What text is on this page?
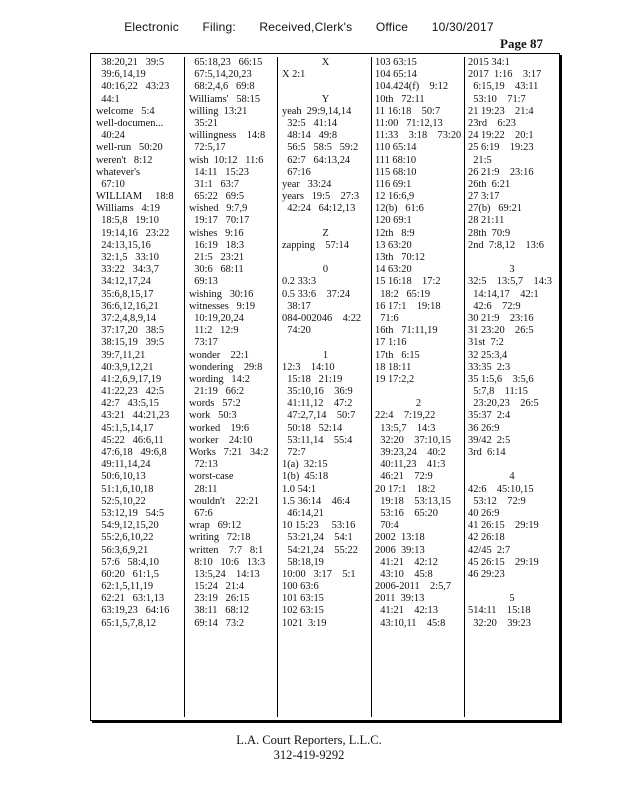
Electronic Filing: Received,Clerk's Office 10/30/2017
Page 87
38:20,21   39:5
39:6,14,19
40:16,22   43:23
44:1
welcome   5:4
well-documen...
40:24
well-run   50:20
weren't   8:12
whatever's
67:10
WILLIAM     18:8
Williams   4:19
18:5,8   19:10
19:14,16   23:22
24:13,15,16
32:1,5   33:10
33:22   34:3,7
34:12,17,24
35:6,8,15,17
36:6,12,16,21
37:2,4,8,9,14
37:17,20   38:5
38:15,19   39:5
39:7,11,21
40:3,9,12,21
41:2,6,9,17,19
41:22,23   42:5
42:7   43:5,15
43:21   44:21,23
45:1,5,14,17
45:22   46:6,11
47:6,18   49:6,8
49:11,14,24
50:6,10,13
51:1,6,10,18
52:5,10,22
53:12,19   54:5
54:9,12,15,20
55:2,6,10,22
56:3,6,9,21
57:6   58:4,10
60:20   61:1,5
62:1,5,11,19
62:21   63:1,13
63:19,23   64:16
65:1,5,7,8,12
65:18,23   66:15
67:5,14,20,23
68:2,4,6   69:8
Williams'   58:15
willing  13:21
35:21
willingness    14:8
72:5,17
wish  10:12   11:6
14:11   15:23
31:1   63:7
65:22   69:5
wished   9:7,9
19:17   70:17
wishes   9:16
16:19   18:3
21:5   23:21
30:6   68:11
69:13
wishing   30:16
witnesses   9:19
10:19,20,24
11:2   12:9
73:17
wonder    22:1
wondering    29:8
wording   14:2
21:19   66:2
words   57:2
work   50:3
worked    19:6
worker    24:10
Works   7:21   34:2
72:13
worst-case
28:11
wouldn't    22:21
67:6
wrap   69:12
writing   72:18
written    7:7   8:1
8:10   10:6   13:3
13:5,24    14:13
15:24   21:4
23:19   26:15
38:11   68:12
69:14   73:2
X
X 2:1
Y
yeah  29:9,14,14
32:5   41:14
48:14   49:8
56:5   58:5   59:2
62:7   64:13,24
67:16
year   33:24
years   19:5    27:3
42:24   64:12,13
Z
zapping    57:14
0
0.2 33:3
0.5 33:6    37:24
38:17
084-002046    4:22
74:20
1
12:3    14:10
15:18   21:19
35:10,16    36:9
41:11,12    47:2
47:2,7,14    50:7
50:18   52:14
53:11,14    55:4
72:7
1(a)  32:15
1(b)  45:18
1.0 54:1
1.5 36:14    46:4
46:14,21
10 15:23     53:16
53:21,24    54:1
54:21,24    55:22
58:18,19
10:00   3:17    5:1
100 63:6
101 63:15
102 63:15
1021  3:19
103 63:15
104 65:14
104.424(f)    9:12
10th   72:11
11 16:18    50:7
11:00   71:12,13
11:33    3:18    73:20
110 65:14
111 68:10
115 68:10
116 69:1
12 16:6,9
12(b)   61:6
120 69:1
12th   8:9
13 63:20
13th   70:12
14 63:20
15 16:18    17:2
18:2   65:19
16 17:1    19:18
71:6
16th   71:11,19
17 1:16
17th   6:15
18 18:11
19 17:2,2
2
22:4    7:19,22
13:5,7    14:3
32:20    37:10,15
39:23,24    40:2
40:11,23    41:3
46:21    72:9
20 17:1    18:2
19:18    53:13,15
53:16    65:20
70:4
2002  13:18
2006  39:13
41:21    42:12
43:10    45:8
2006-2011    2:5,7
2011  39:13
41:21    42:13
43:10,11    45:8
2015 34:1
2017  1:16    3:17
6:15,19    43:11
53:10    71:7
21 19:23    21:4
23rd    6:23
24 19:22    20:1
25 6:19    19:23
21:5
26 21:9    23:16
26th  6:21
27 3:17
27(b)   69:21
28 21:11
28th  70:9
2nd  7:8,12    13:6
3
32:5    13:5,7    14:3
14:14,17    42:1
42:6    72:9
30 21:9    23:16
31 23:20    26:5
31st  7:2
32 25:3,4
33:35  2:3
35 1:5,6    3:5,6
5:7,8    11:15
23:20,23    26:5
35:37  2:4
36 26:9
39/42  2:5
3rd  6:14
4
42:6    45:10,15
53:12    72:9
40 26:9
41 26:15    29:19
42 26:18
42/45  2:7
45 26:15    29:19
46 29:23
5
514:11    15:18
32:20    39:23
L.A. Court Reporters, L.L.C.
312-419-9292
